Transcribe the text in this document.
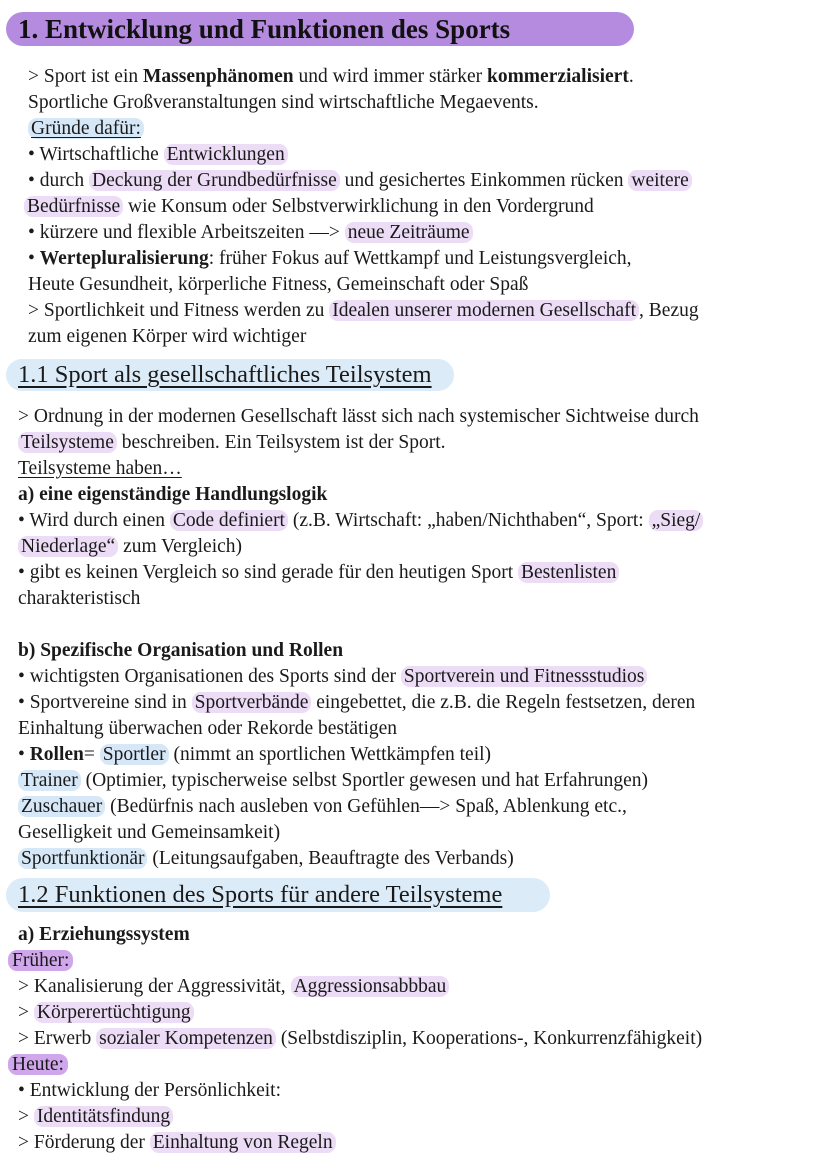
1. Entwicklung und Funktionen des Sports
> Sport ist ein Massenphänomen und wird immer stärker kommerzialisiert.
Sportliche Großveranstaltungen sind wirtschaftliche Megaevents.
Gründe dafür:
• Wirtschaftliche Entwicklungen
• durch Deckung der Grundbedürfnisse und gesichertes Einkommen rücken weitere
Bedürfnisse wie Konsum oder Selbstverwirklichung in den Vordergrund
• kürzere und flexible Arbeitszeiten —> neue Zeiträume
• Wertepluralisierung: früher Fokus auf Wettkampf und Leistungsvergleich,
Heute Gesundheit, körperliche Fitness, Gemeinschaft oder Spaß
> Sportlichkeit und Fitness werden zu Idealen unserer modernen Gesellschaft , Bezug
zum eigenen Körper wird wichtiger
1.1 Sport als gesellschaftliches Teilsystem
> Ordnung in der modernen Gesellschaft lässt sich nach systemischer Sichtweise durch
Teilsysteme beschreiben. Ein Teilsystem ist der Sport.
Teilsysteme haben…
a) eine eigenständige Handlungslogik
• Wird durch einen Code definiert (z.B. Wirtschaft: „haben/Nichthaben“, Sport: „Sieg/
Niederlage“ zum Vergleich)
• gibt es keinen Vergleich so sind gerade für den heutigen Sport Bestenlisten
charakteristisch
b) Spezifische Organisation und Rollen
• wichtigsten Organisationen des Sports sind der Sportverein und Fitnessstudios
• Sportvereine sind in Sportverbände eingebettet, die z.B. die Regeln festsetzen, deren
Einhaltung überwachen oder Rekorde bestätigen
• Rollen= Sportler (nimmt an sportlichen Wettkämpfen teil)
Trainer (Optimier, typischerweise selbst Sportler gewesen und hat Erfahrungen)
Zuschauer (Bedürfnis nach ausleben von Gefühlen—> Spaß, Ablenkung etc.,
Geselligkeit und Gemeinsamkeit)
Sportfunktionär (Leitungsaufgaben, Beauftragte des Verbands)
1.2 Funktionen des Sports für andere Teilsysteme
a) Erziehungssystem
Früher:
> Kanalisierung der Aggressivität, Aggressionsabbbau
> Körperertüchtigung
> Erwerb sozialer Kompetenzen (Selbstdisziplin, Kooperations-, Konkurrenzfähigkeit)
Heute:
• Entwicklung der Persönlichkeit:
> Identitätsfindung
> Förderung der Einhaltung von Regeln
